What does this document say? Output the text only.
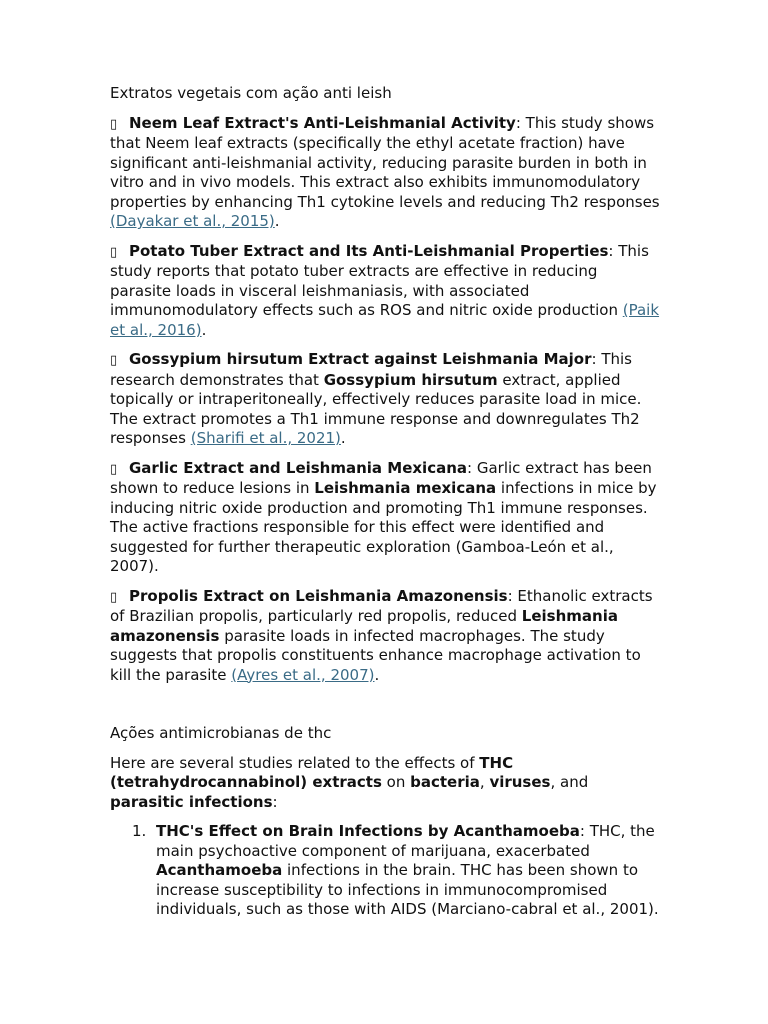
Extratos vegetais com ação anti leish

▯ Neem Leaf Extract's Anti-Leishmanial Activity: This study shows that Neem leaf extracts (specifically the ethyl acetate fraction) have significant anti-leishmanial activity, reducing parasite burden in both in vitro and in vivo models. This extract also exhibits immunomodulatory properties by enhancing Th1 cytokine levels and reducing Th2 responses (Dayakar et al., 2015).

▯ Potato Tuber Extract and Its Anti-Leishmanial Properties: This study reports that potato tuber extracts are effective in reducing parasite loads in visceral leishmaniasis, with associated immunomodulatory effects such as ROS and nitric oxide production (Paik et al., 2016).

▯ Gossypium hirsutum Extract against Leishmania Major: This research demonstrates that Gossypium hirsutum extract, applied topically or intraperitoneally, effectively reduces parasite load in mice. The extract promotes a Th1 immune response and downregulates Th2 responses (Sharifi et al., 2021).

▯ Garlic Extract and Leishmania Mexicana: Garlic extract has been shown to reduce lesions in Leishmania mexicana infections in mice by inducing nitric oxide production and promoting Th1 immune responses. The active fractions responsible for this effect were identified and suggested for further therapeutic exploration (Gamboa-León et al., 2007).

▯ Propolis Extract on Leishmania Amazonensis: Ethanolic extracts of Brazilian propolis, particularly red propolis, reduced Leishmania amazonensis parasite loads in infected macrophages. The study suggests that propolis constituents enhance macrophage activation to kill the parasite (Ayres et al., 2007).

Ações antimicrobianas de thc

Here are several studies related to the effects of THC (tetrahydrocannabinol) extracts on bacteria, viruses, and parasitic infections:

1. THC's Effect on Brain Infections by Acanthamoeba: THC, the main psychoactive component of marijuana, exacerbated Acanthamoeba infections in the brain. THC has been shown to increase susceptibility to infections in immunocompromised individuals, such as those with AIDS (Marciano-cabral et al., 2001).
